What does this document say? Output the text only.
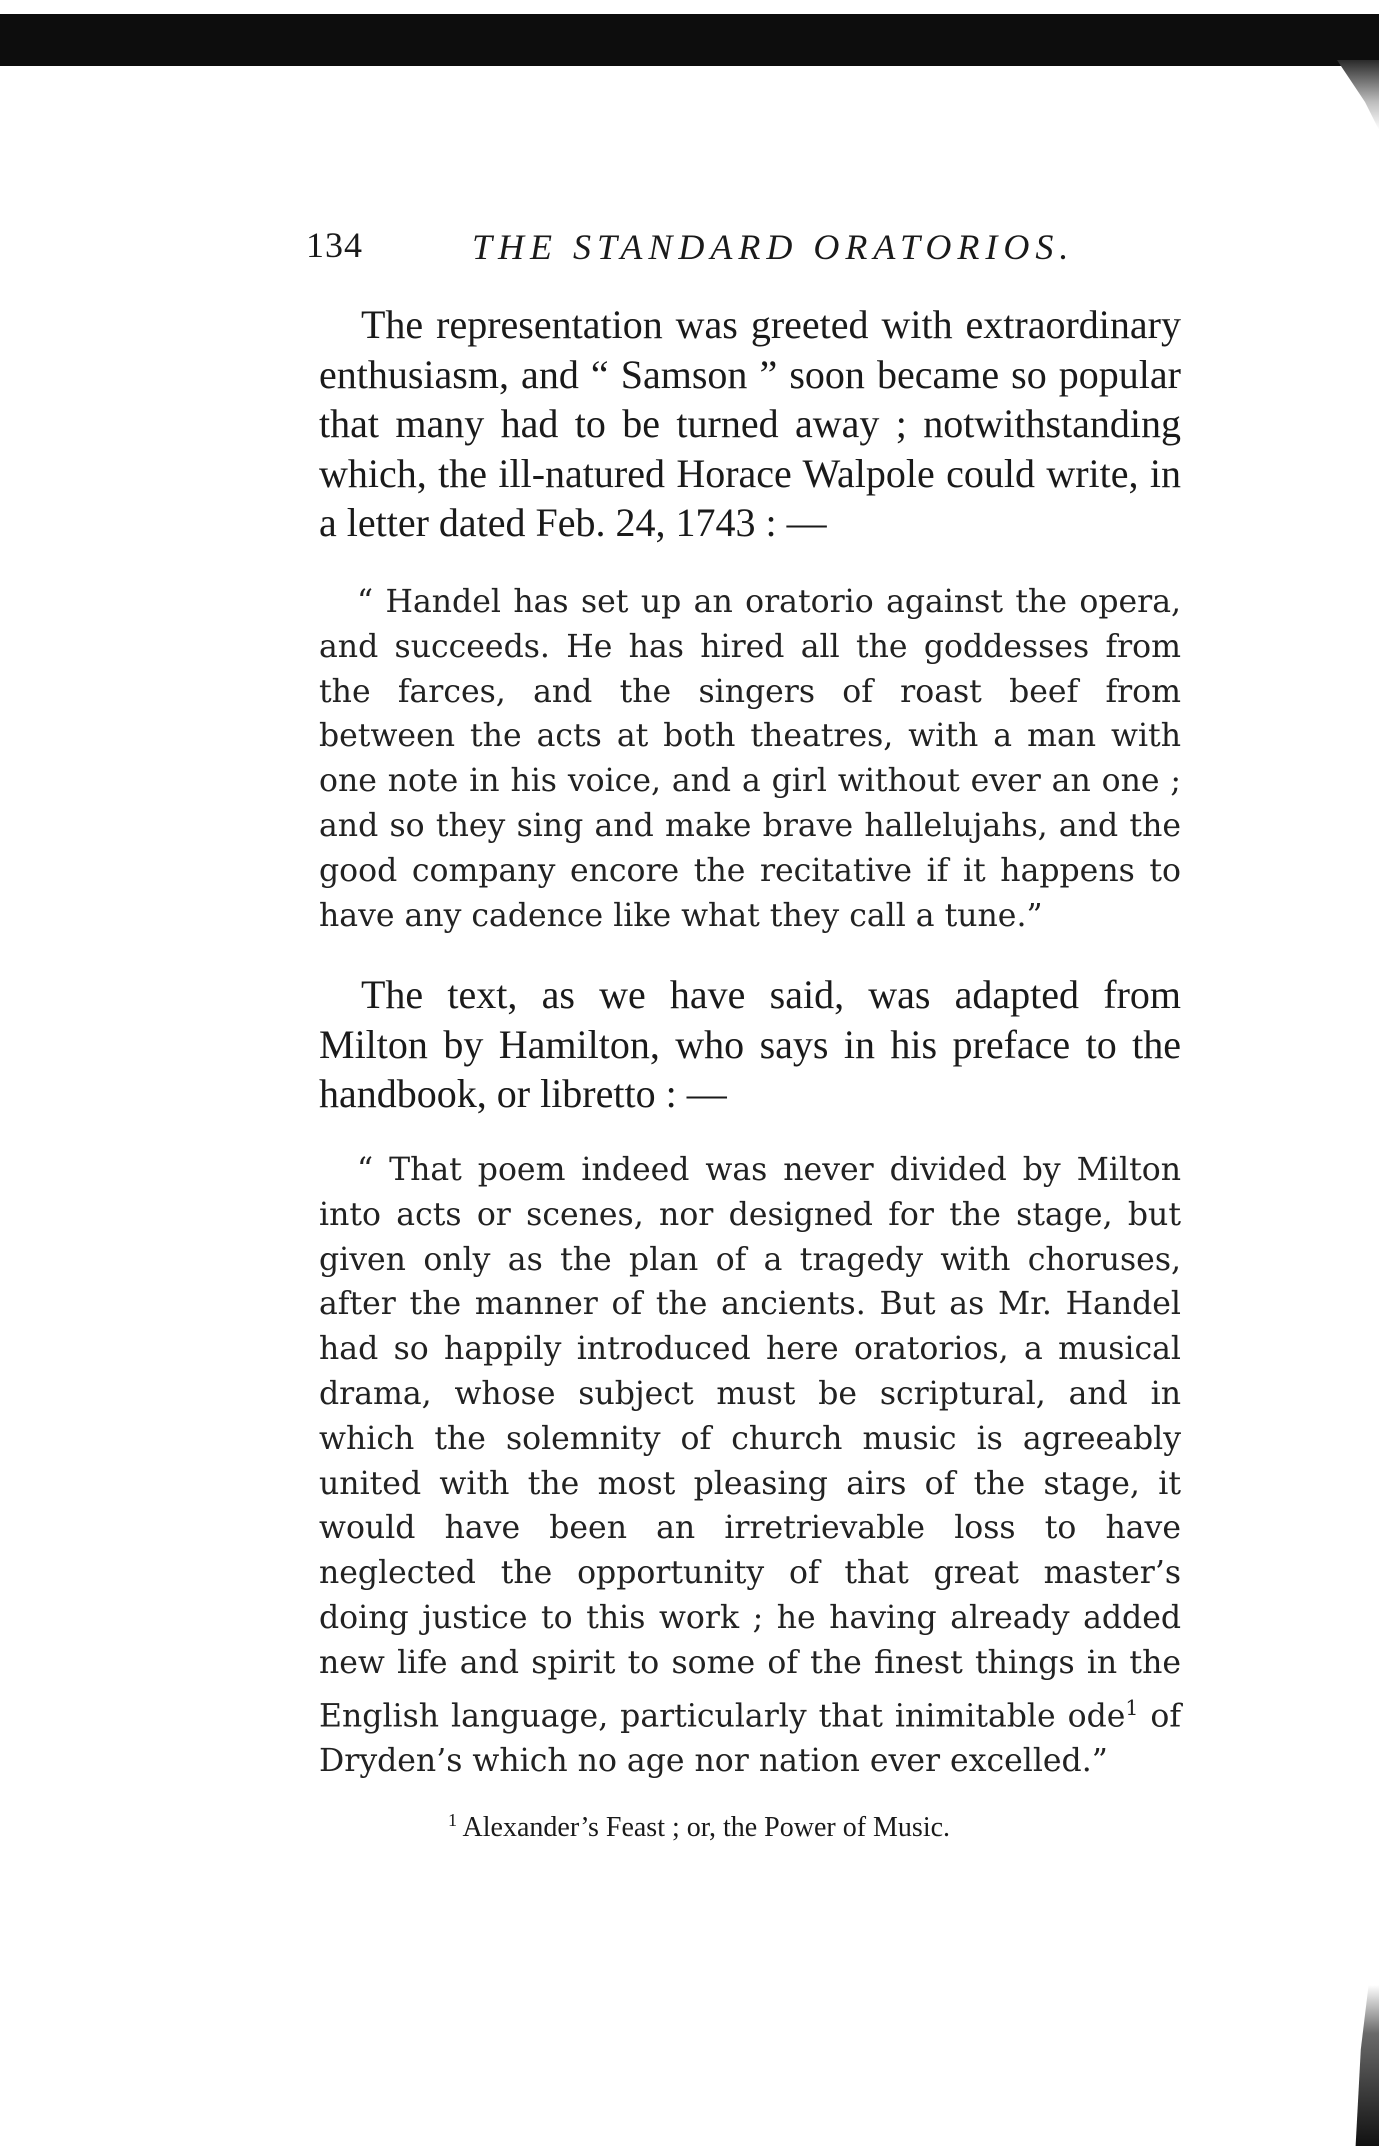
134	THE STANDARD ORATORIOS.

The representation was greeted with extraordinary enthusiasm, and “ Samson ” soon became so popular that many had to be turned away ; notwithstanding which, the ill-natured Horace Walpole could write, in a letter dated Feb. 24, 1743 : —

“ Handel has set up an oratorio against the opera, and succeeds. He has hired all the goddesses from the farces, and the singers of roast beef from between the acts at both theatres, with a man with one note in his voice, and a girl without ever an one ; and so they sing and make brave hallelujahs, and the good company encore the recitative if it happens to have any cadence like what they call a tune.”

The text, as we have said, was adapted from Milton by Hamilton, who says in his preface to the handbook, or libretto : —

“ That poem indeed was never divided by Milton into acts or scenes, nor designed for the stage, but given only as the plan of a tragedy with choruses, after the manner of the ancients. But as Mr. Handel had so happily introduced here oratorios, a musical drama, whose subject must be scriptural, and in which the solemnity of church music is agreeably united with the most pleasing airs of the stage, it would have been an irretrievable loss to have neglected the opportunity of that great master’s doing justice to this work ; he having already added new life and spirit to some of the finest things in the English language, particularly that inimitable ode$^1$ of Dryden’s which no age nor nation ever excelled.”

$^1$ Alexander’s Feast ; or, the Power of Music.
